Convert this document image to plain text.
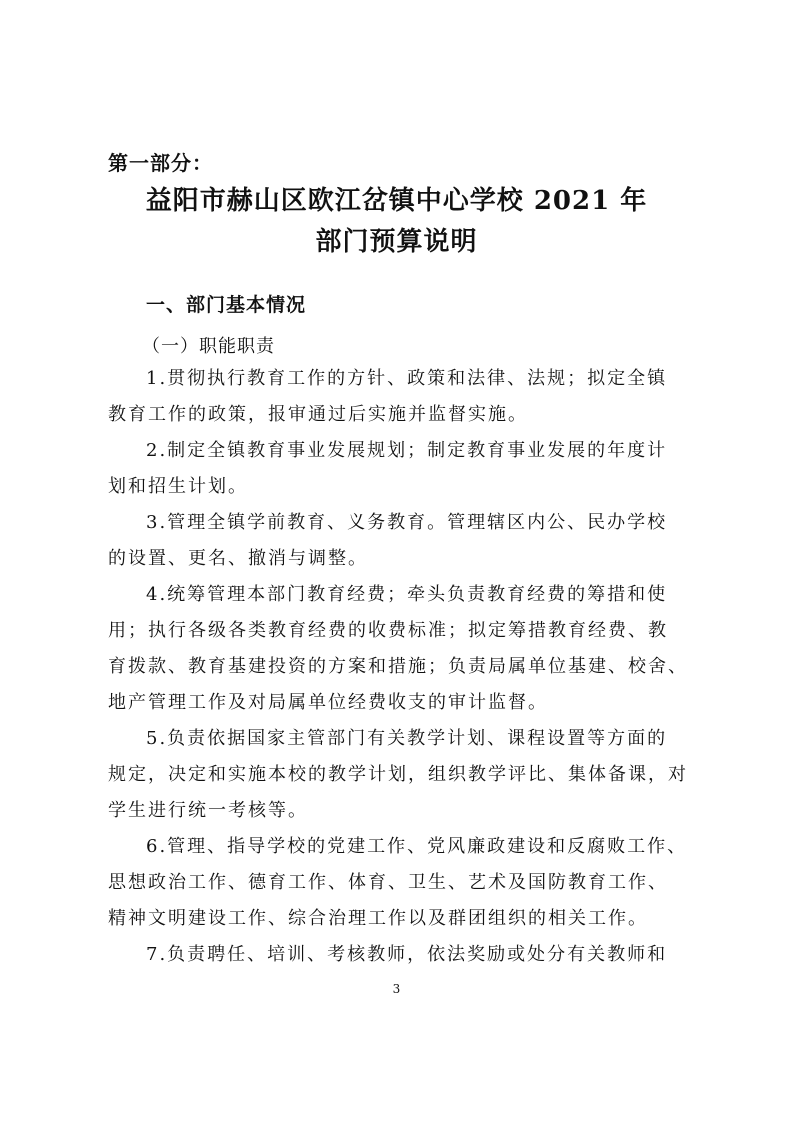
第一部分：
益阳市赫山区欧江岔镇中心学校 2021 年
部门预算说明
一、部门基本情况
（一）职能职责
1.贯彻执行教育工作的方针、政策和法律、法规；拟定全镇
教育工作的政策，报审通过后实施并监督实施。
2.制定全镇教育事业发展规划；制定教育事业发展的年度计
划和招生计划。
3.管理全镇学前教育、义务教育。管理辖区内公、民办学校
的设置、更名、撤消与调整。
4.统筹管理本部门教育经费；牵头负责教育经费的筹措和使
用；执行各级各类教育经费的收费标准；拟定筹措教育经费、教
育拨款、教育基建投资的方案和措施；负责局属单位基建、校舍、
地产管理工作及对局属单位经费收支的审计监督。
5.负责依据国家主管部门有关教学计划、课程设置等方面的
规定，决定和实施本校的教学计划，组织教学评比、集体备课，对
学生进行统一考核等。
6.管理、指导学校的党建工作、党风廉政建设和反腐败工作、
思想政治工作、德育工作、体育、卫生、艺术及国防教育工作、
精神文明建设工作、综合治理工作以及群团组织的相关工作。
7.负责聘任、培训、考核教师，依法奖励或处分有关教师和
3
